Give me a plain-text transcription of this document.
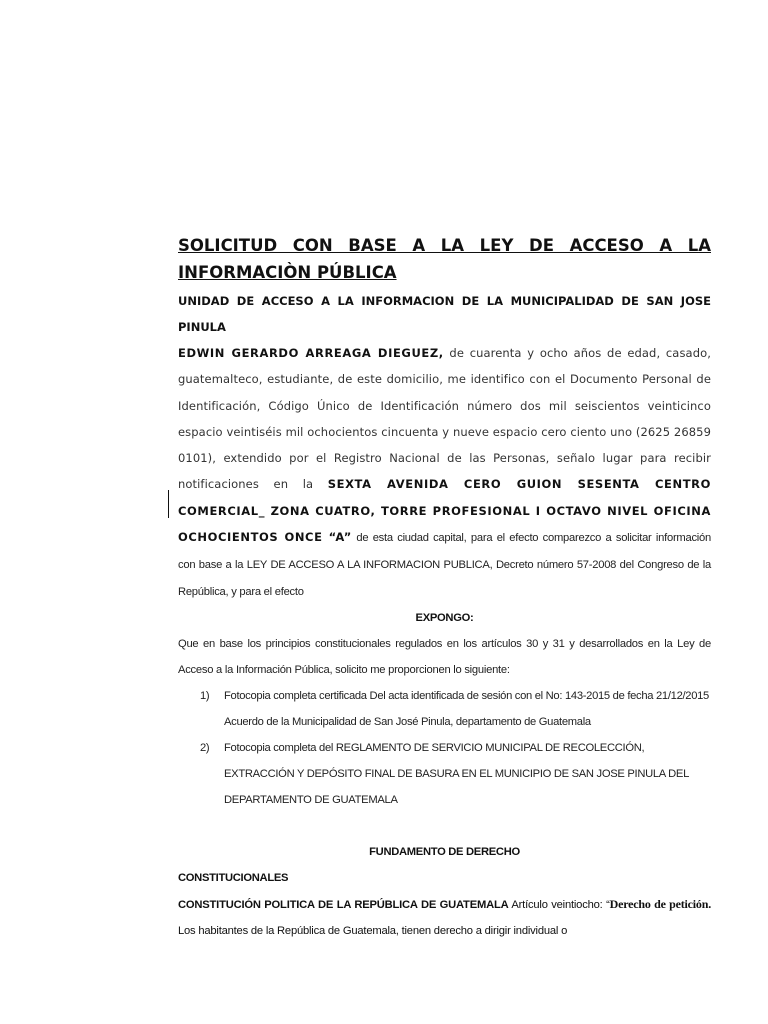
SOLICITUD CON BASE A LA LEY DE ACCESO A LA
INFORMACIÒN PÚBLICA

UNIDAD DE ACCESO A LA INFORMACION DE LA MUNICIPALIDAD DE SAN JOSE
PINULA

EDWIN GERARDO ARREAGA DIEGUEZ, de cuarenta y ocho años de edad, casado, guatemalteco, estudiante, de este domicilio, me identifico con el Documento Personal de Identificación, Código Único de Identificación número dos mil seiscientos veinticinco espacio veintiséis mil ochocientos cincuenta y nueve espacio cero ciento uno (2625 26859 0101), extendido por el Registro Nacional de las Personas, señalo lugar para recibir notificaciones en la SEXTA AVENIDA CERO GUION SESENTA CENTRO COMERCIAL_ ZONA CUATRO, TORRE PROFESIONAL I OCTAVO NIVEL OFICINA OCHOCIENTOS ONCE “A” de esta ciudad capital, para el efecto comparezco a solicitar información con base a la LEY DE ACCESO A LA INFORMACION PUBLICA, Decreto número 57-2008 del Congreso de la República, y para el efecto

EXPONGO:

Que en base los principios constitucionales regulados en los artículos 30 y 31 y desarrollados en la Ley de Acceso a la Información Pública, solicito me proporcionen lo siguiente:

1) Fotocopia completa certificada Del acta identificada de sesión con el No: 143-2015 de fecha 21/12/2015 Acuerdo de la Municipalidad de San José Pinula, departamento de Guatemala
2) Fotocopia completa del REGLAMENTO DE SERVICIO MUNICIPAL DE RECOLECCIÓN, EXTRACCIÓN Y DEPÓSITO FINAL DE BASURA EN EL MUNICIPIO DE SAN JOSE PINULA DEL DEPARTAMENTO DE GUATEMALA

FUNDAMENTO DE DERECHO

CONSTITUCIONALES

CONSTITUCIÓN POLITICA DE LA REPÚBLICA DE GUATEMALA Artículo veintiocho: “Derecho de petición. Los habitantes de la República de Guatemala, tienen derecho a dirigir individual o
